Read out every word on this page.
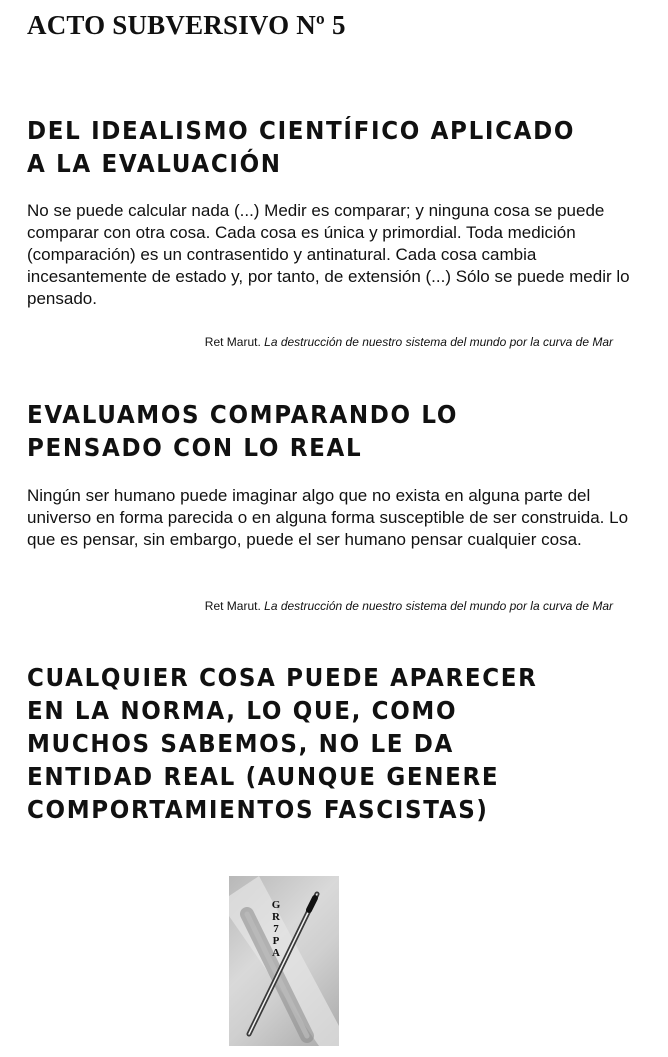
ACTO SUBVERSIVO Nº 5
DEL IDEALISMO CIENTÍFICO APLICADO A LA EVALUACIÓN

No se puede calcular nada (...) Medir es comparar; y ninguna cosa se puede comparar con otra cosa. Cada cosa es única y primordial. Toda medición (comparación) es un contrasentido y antinatural. Cada cosa cambia incesantemente de estado y, por tanto, de extensión (...) Sólo se puede medir lo pensado.

Ret Marut. La destrucción de nuestro sistema del mundo por la curva de Mar

EVALUAMOS COMPARANDO LO PENSADO CON LO REAL

Ningún ser humano puede imaginar algo que no exista en alguna parte del universo en forma parecida o en alguna forma susceptible de ser construida. Lo que es pensar, sin embargo, puede el ser humano pensar cualquier cosa.

Ret Marut. La destrucción de nuestro sistema del mundo por la curva de Mar

CUALQUIER COSA PUEDE APARECER EN LA NORMA, LO QUE, COMO MUCHOS SABEMOS, NO LE DA ENTIDAD REAL (AUNQUE GENERE COMPORTAMIENTOS FASCISTAS)
G
R
7
P
A
